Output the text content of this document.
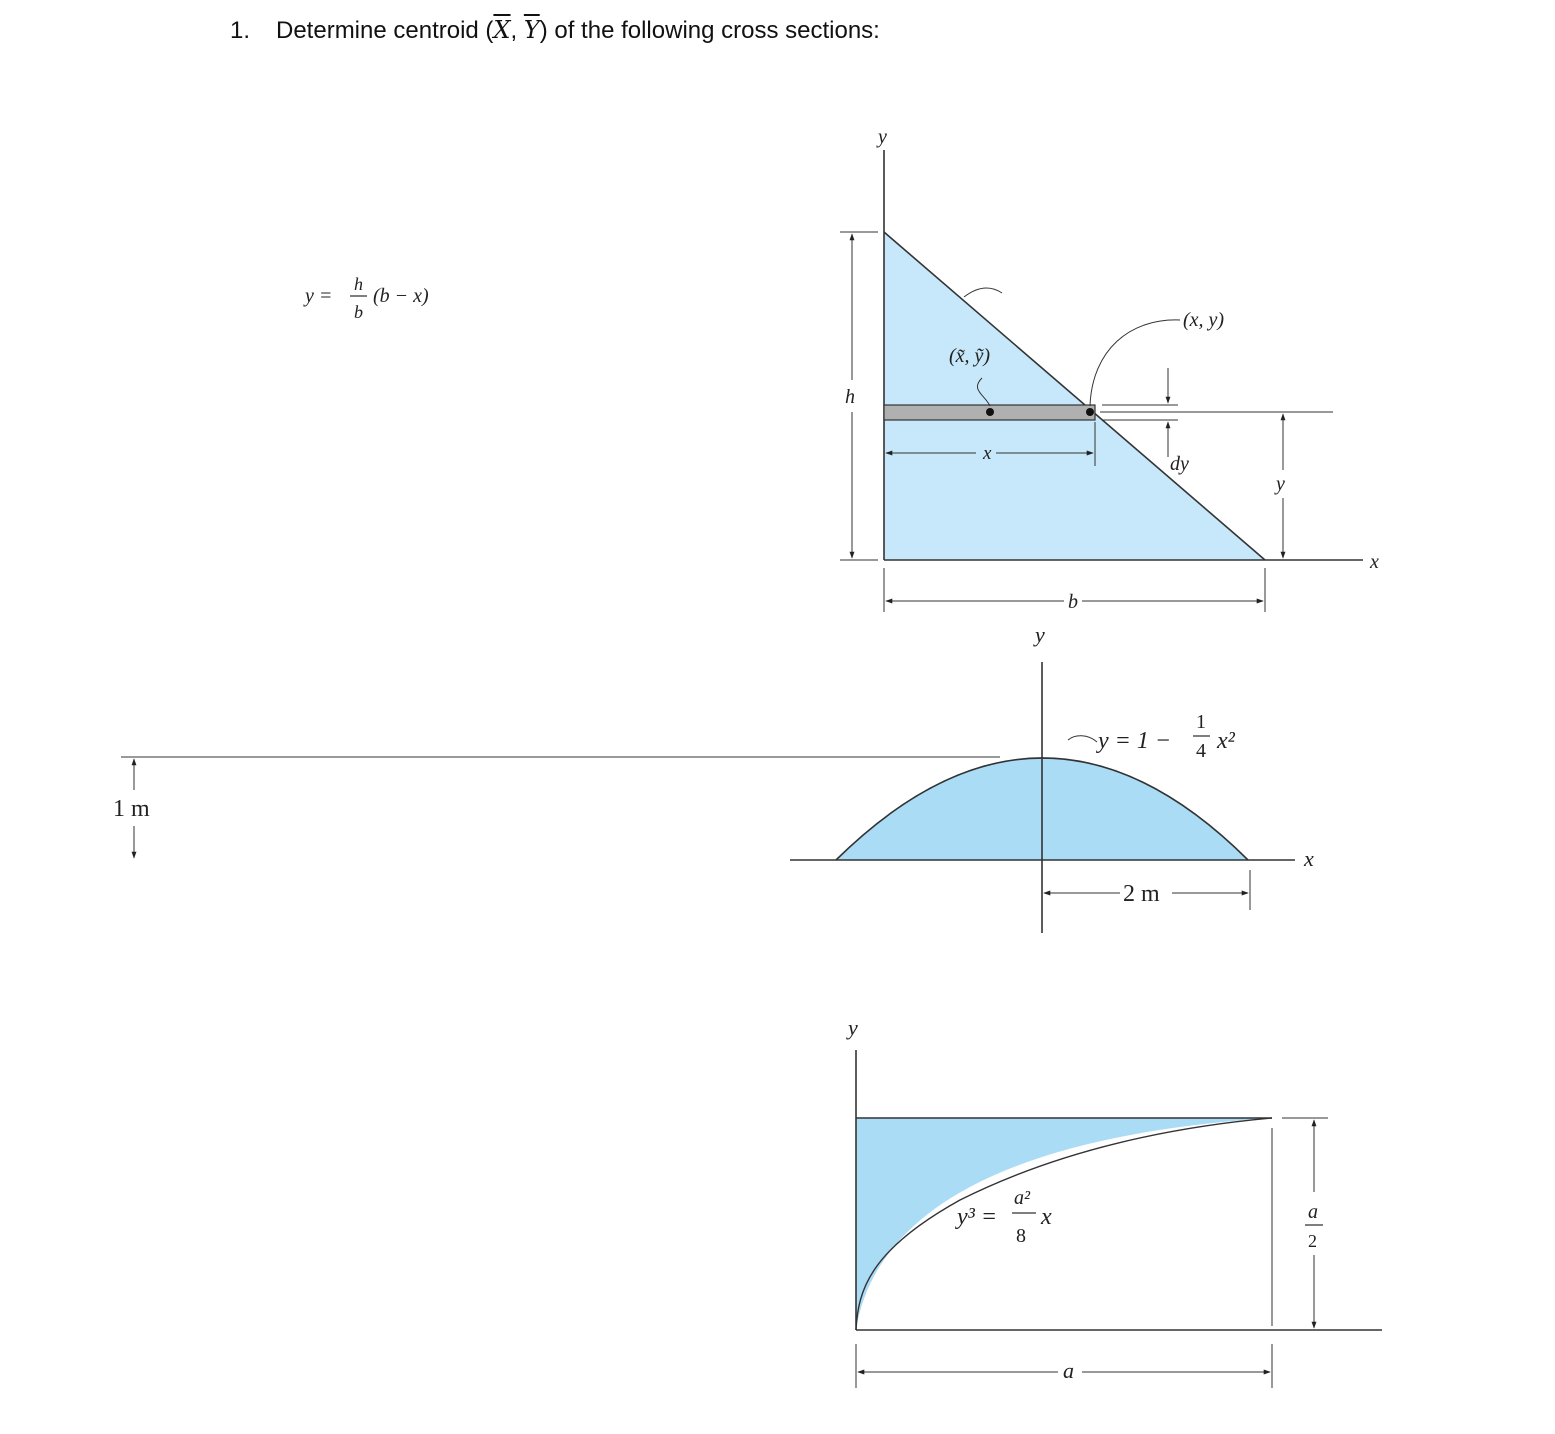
1. Determine centroid ($\overline{X}$, $\overline{Y}$) of the following cross sections:
y
x
h
b
x	dy
y
y =
h
b
(b − x)
(x, y)
(x̃, ỹ)
y
x
1 m
2 m
y = 1 −
1
4 x²
y
a
2
a
y³ =
a²
8
x
